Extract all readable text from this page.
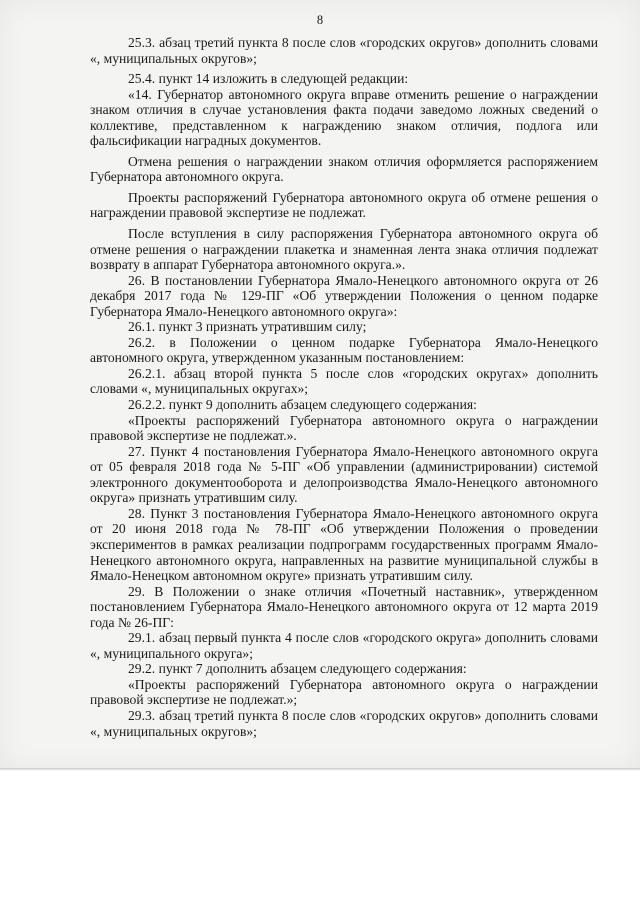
8

25.3. абзац третий пункта 8 после слов «городских округов» дополнить словами «, муниципальных округов»;

25.4. пункт 14 изложить в следующей редакции:

«14. Губернатор автономного округа вправе отменить решение о награждении знаком отличия в случае установления факта подачи заведомо ложных сведений о коллективе, представленном к награждению знаком отличия, подлога или фальсификации наградных документов.

Отмена решения о награждении знаком отличия оформляется распоряжением Губернатора автономного округа.

Проекты распоряжений Губернатора автономного округа об отмене решения о награждении правовой экспертизе не подлежат.

После вступления в силу распоряжения Губернатора автономного округа об отмене решения о награждении плакетка и знаменная лента знака отличия подлежат возврату в аппарат Губернатора автономного округа.».

26. В постановлении Губернатора Ямало-Ненецкого автономного округа от 26 декабря 2017 года № 129-ПГ «Об утверждении Положения о ценном подарке Губернатора Ямало-Ненецкого автономного округа»:

26.1. пункт 3 признать утратившим силу;

26.2. в Положении о ценном подарке Губернатора Ямало-Ненецкого автономного округа, утвержденном указанным постановлением:

26.2.1. абзац второй пункта 5 после слов «городских округах» дополнить словами «, муниципальных округах»;

26.2.2. пункт 9 дополнить абзацем следующего содержания:

«Проекты распоряжений Губернатора автономного округа о награждении правовой экспертизе не подлежат.».

27. Пункт 4 постановления Губернатора Ямало-Ненецкого автономного округа от 05 февраля 2018 года № 5-ПГ «Об управлении (администрировании) системой электронного документооборота и делопроизводства Ямало-Ненецкого автономного округа» признать утратившим силу.

28. Пункт 3 постановления Губернатора Ямало-Ненецкого автономного округа от 20 июня 2018 года № 78-ПГ «Об утверждении Положения о проведении экспериментов в рамках реализации подпрограмм государственных программ Ямало-Ненецкого автономного округа, направленных на развитие муниципальной службы в Ямало-Ненецком автономном округе» признать утратившим силу.

29. В Положении о знаке отличия «Почетный наставник», утвержденном постановлением Губернатора Ямало-Ненецкого автономного округа от 12 марта 2019 года № 26-ПГ:

29.1. абзац первый пункта 4 после слов «городского округа» дополнить словами «, муниципального округа»;

29.2. пункт 7 дополнить абзацем следующего содержания:

«Проекты распоряжений Губернатора автономного округа о награждении правовой экспертизе не подлежат.»;

29.3. абзац третий пункта 8 после слов «городских округов» дополнить словами «, муниципальных округов»;
